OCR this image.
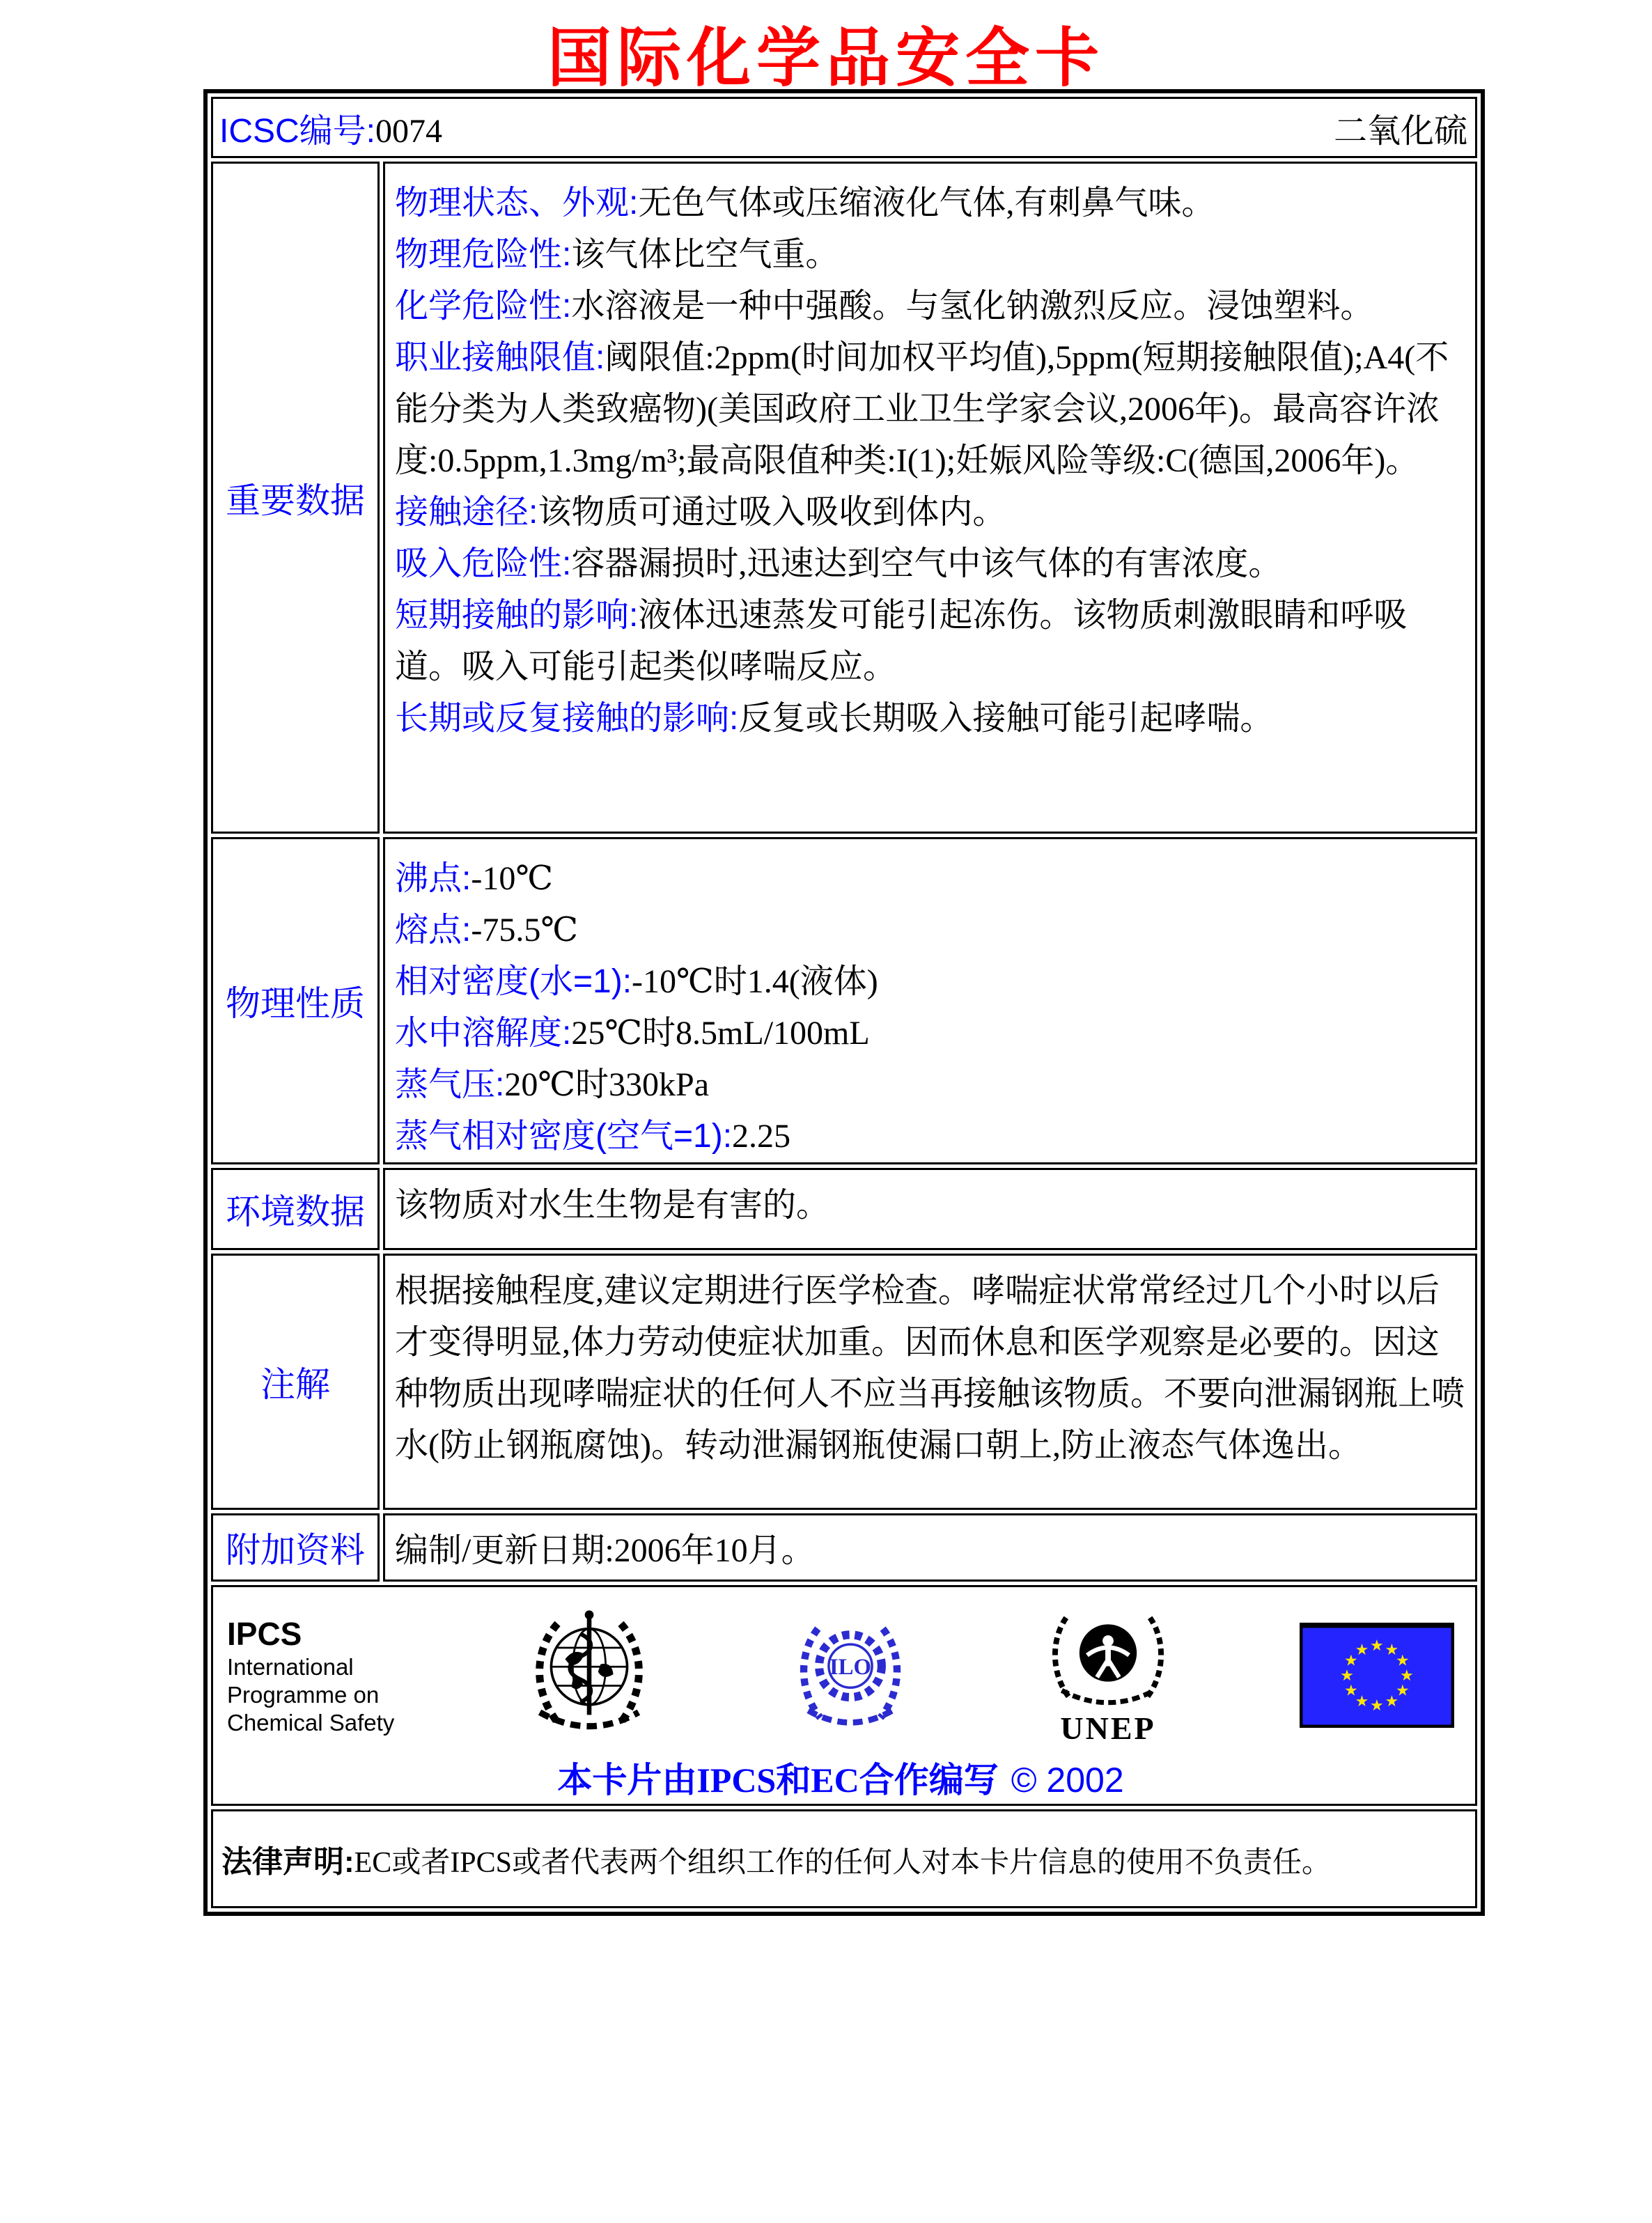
国际化学品安全卡
ICSC编号:0074 二氧化硫	

重要数据	
物理状态、外观:无色气体或压缩液化气体,有刺鼻气味。
物理危险性:该气体比空气重。
化学危险性:水溶液是一种中强酸。与氢化钠激烈反应。浸蚀塑料。
职业接触限值:阈限值:2ppm(时间加权平均值),5ppm(短期接触限值);A4(不能分类为人类致癌物)(美国政府工业卫生学家会议,2006年)。最高容许浓度:0.5ppm,1.3mg/m³;最高限值种类:I(1);妊娠风险等级:C(德国,2006年)。
接触途径:该物质可通过吸入吸收到体内。
吸入危险性:容器漏损时,迅速达到空气中该气体的有害浓度。
短期接触的影响:液体迅速蒸发可能引起冻伤。该物质刺激眼睛和呼吸道。吸入可能引起类似哮喘反应。
长期或反复接触的影响:反复或长期吸入接触可能引起哮喘。

物理性质	
沸点:-10℃
熔点:-75.5℃
相对密度(水=1):-10℃时1.4(液体)
水中溶解度:25℃时8.5mL/100mL
蒸气压:20℃时330kPa
蒸气相对密度(空气=1):2.25

环境数据	该物质对水生生物是有害的。
注解	根据接触程度,建议定期进行医学检查。哮喘症状常常经过几个小时以后才变得明显,体力劳动使症状加重。因而休息和医学观察是必要的。因这种物质出现哮喘症状的任何人不应当再接触该物质。不要向泄漏钢瓶上喷水(防止钢瓶腐蚀)。转动泄漏钢瓶使漏口朝上,防止液态气体逸出。
附加资料	编制/更新日期:2006年10月。

IPCS
International
Programme on
Chemical Safety
ILO
UNEP
★ ★
★
★
★
★
★
★
★
★
★
★
本卡片由IPCS和EC合作编写 © 2002

法律声明:EC或者IPCS或者代表两个组织工作的任何人对本卡片信息的使用不负责任。	
